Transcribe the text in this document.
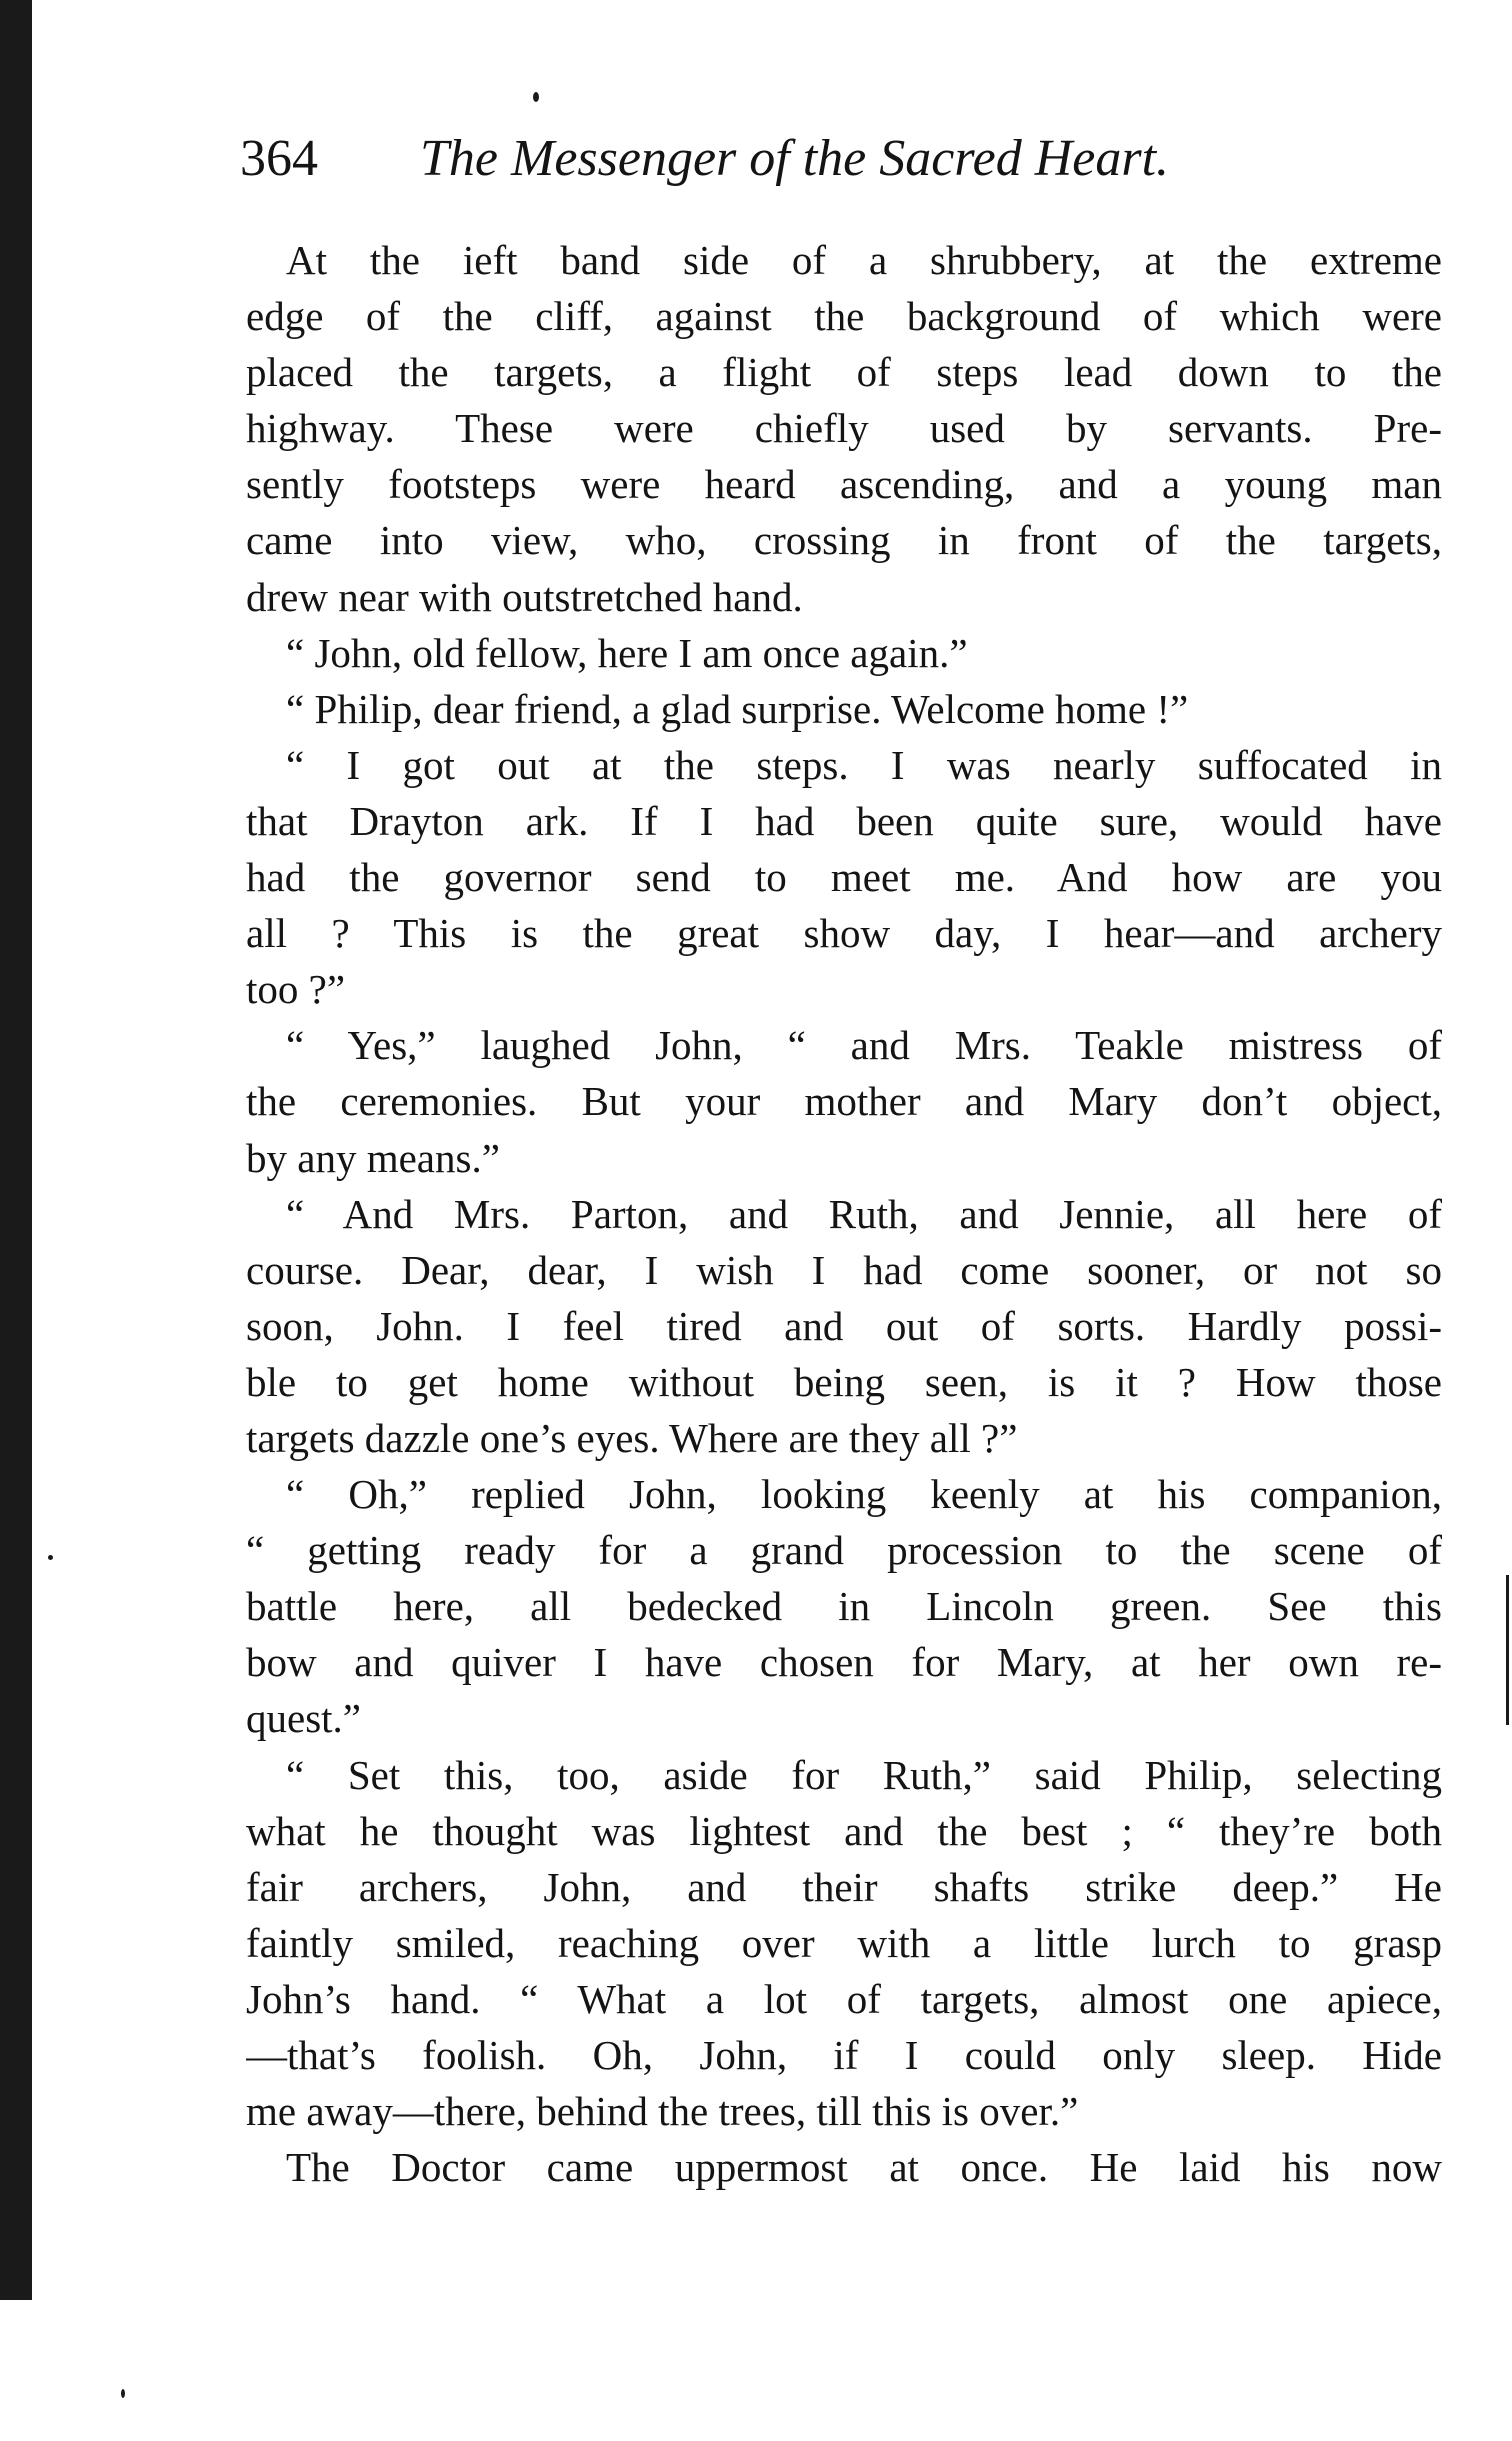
364 The Messenger of the Sacred Heart.
At the ieft band side of a shrubbery, at the extreme
edge of the cliff, against the background of which were
placed the targets, a flight of steps lead down to the
highway. These were chiefly used by servants. Pre-
sently footsteps were heard ascending, and a young man
came into view, who, crossing in front of the targets,
drew near with outstretched hand.
“ John, old fellow, here I am once again.”
“ Philip, dear friend, a glad surprise. Welcome home !”
“ I got out at the steps. I was nearly suffocated in
that Drayton ark. If I had been quite sure, would have
had the governor send to meet me. And how are you
all ? This is the great show day, I hear—and archery
too ?”
“ Yes,” laughed John, “ and Mrs. Teakle mistress of
the ceremonies. But your mother and Mary don’t object,
by any means.”
“ And Mrs. Parton, and Ruth, and Jennie, all here of
course. Dear, dear, I wish I had come sooner, or not so
soon, John. I feel tired and out of sorts. Hardly possi-
ble to get home without being seen, is it ? How those
targets dazzle one’s eyes. Where are they all ?”
“ Oh,” replied John, looking keenly at his companion,
“ getting ready for a grand procession to the scene of
battle here, all bedecked in Lincoln green. See this
bow and quiver I have chosen for Mary, at her own re-
quest.”
“ Set this, too, aside for Ruth,” said Philip, selecting
what he thought was lightest and the best ; “ they’re both
fair archers, John, and their shafts strike deep.” He
faintly smiled, reaching over with a little lurch to grasp
John’s hand. “ What a lot of targets, almost one apiece,
—that’s foolish. Oh, John, if I could only sleep. Hide
me away—there, behind the trees, till this is over.”
The Doctor came uppermost at once. He laid his now
